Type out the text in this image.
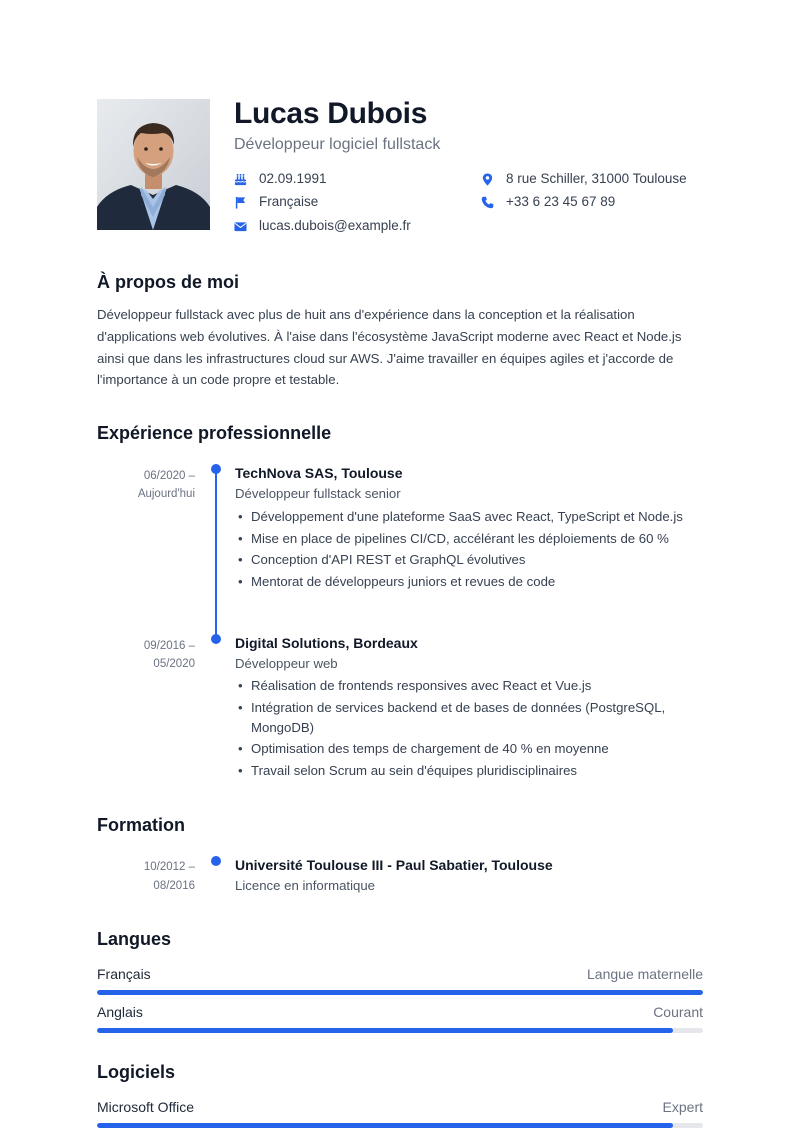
Lucas Dubois
Développeur logiciel fullstack
02.09.1991
Française
lucas.dubois@example.fr
8 rue Schiller, 31000 Toulouse
+33 6 23 45 67 89
À propos de moi

Développeur fullstack avec plus de huit ans d'expérience dans la conception et la réalisation d'applications web évolutives. À l'aise dans l'écosystème JavaScript moderne avec React et Node.js ainsi que dans les infrastructures cloud sur AWS. J'aime travailler en équipes agiles et j'accorde de l'importance à un code propre et testable.

Expérience professionnelle
06/2020 –
Aujourd'hui
TechNova SAS, Toulouse
Développeur fullstack senior
• Développement d'une plateforme SaaS avec React, TypeScript et Node.js
• Mise en place de pipelines CI/CD, accélérant les déploiements de 60 %
• Conception d'API REST et GraphQL évolutives
• Mentorat de développeurs juniors et revues de code
09/2016 –
05/2020
Digital Solutions, Bordeaux
Développeur web
• Réalisation de frontends responsives avec React et Vue.js
• Intégration de services backend et de bases de données (PostgreSQL, MongoDB)
• Optimisation des temps de chargement de 40 % en moyenne
• Travail selon Scrum au sein d'équipes pluridisciplinaires
Formation
10/2012 –
08/2016
Université Toulouse III - Paul Sabatier, Toulouse
Licence en informatique
Langues
Français	Langue maternelle
Anglais	Courant
Logiciels
Microsoft Office	Expert
